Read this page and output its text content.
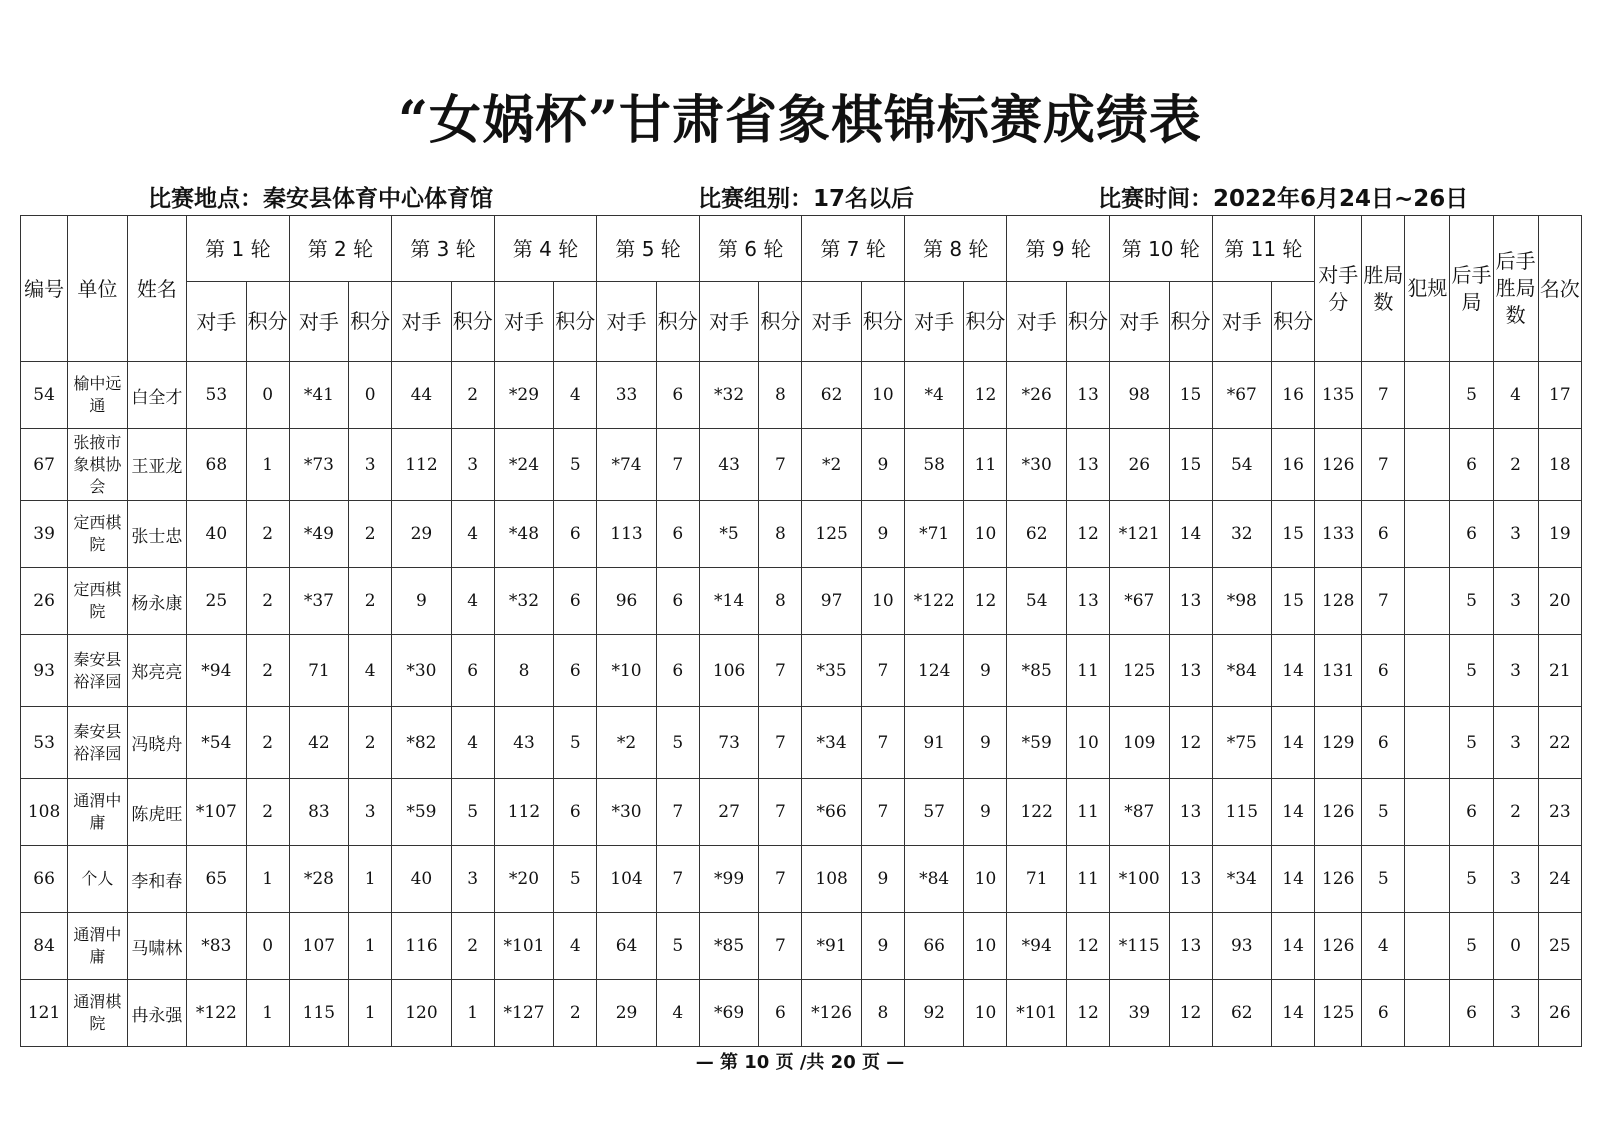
“女娲杯”甘肃省象棋锦标赛成绩表
比赛地点：秦安县体育中心体育馆	比赛组别：17名以后	比赛时间：2022年6月24日~26日
编号	单位	姓名	第 1 轮		第 2 轮		第 3 轮		第 4 轮		第 5 轮		第 6 轮		第 7 轮		第 8 轮		第 9 轮		第 10 轮		第 11 轮		对手分	胜局数	犯规	后手局	后手胜局数	名次
			对手	积分	对手	积分	对手	积分	对手	积分	对手	积分	对手	积分	对手	积分	对手	积分	对手	积分	对手	积分	对手	积分						
54	榆中远通	白全才	53	0	*41	0	44	2	*29	4	33	6	*32	8	62	10	*4	12	*26	13	98	15	*67	16	135	7		5	4	17
67	张掖市象棋协会	王亚龙	68	1	*73	3	112	3	*24	5	*74	7	43	7	*2	9	58	11	*30	13	26	15	54	16	126	7		6	2	18
39	定西棋院	张士忠	40	2	*49	2	29	4	*48	6	113	6	*5	8	125	9	*71	10	62	12	*121	14	32	15	133	6		6	3	19
26	定西棋院	杨永康	25	2	*37	2	9	4	*32	6	96	6	*14	8	97	10	*122	12	54	13	*67	13	*98	15	128	7		5	3	20
93	秦安县裕泽园	郑亮亮	*94	2	71	4	*30	6	8	6	*10	6	106	7	*35	7	124	9	*85	11	125	13	*84	14	131	6		5	3	21
53	秦安县裕泽园	冯晓舟	*54	2	42	2	*82	4	43	5	*2	5	73	7	*34	7	91	9	*59	10	109	12	*75	14	129	6		5	3	22
108	通渭中庸	陈虎旺	*107	2	83	3	*59	5	112	6	*30	7	27	7	*66	7	57	9	122	11	*87	13	115	14	126	5		6	2	23
66	个人	李和春	65	1	*28	1	40	3	*20	5	104	7	*99	7	108	9	*84	10	71	11	*100	13	*34	14	126	5		5	3	24
84	通渭中庸	马啸林	*83	0	107	1	116	2	*101	4	64	5	*85	7	*91	9	66	10	*94	12	*115	13	93	14	126	4		5	0	25
121	通渭棋院	冉永强	*122	1	115	1	120	1	*127	2	29	4	*69	6	*126	8	92	10	*101	12	39	12	62	14	125	6		6	3	26
— 第 10 页 /共 20 页 —
